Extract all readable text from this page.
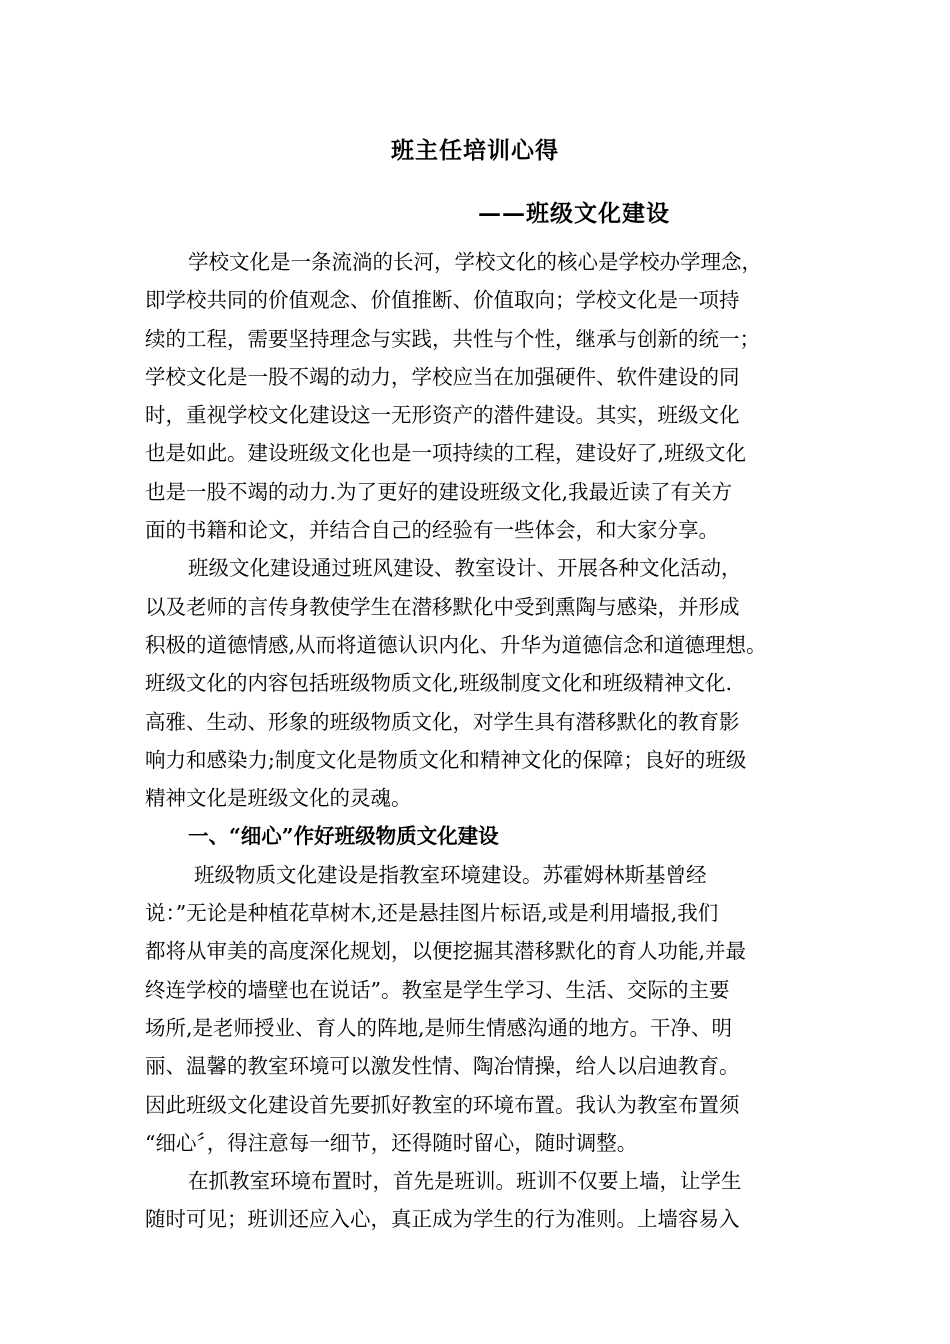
班主任培训心得
——班级文化建设
学校文化是一条流淌的长河，学校文化的核心是学校办学理念，
即学校共同的价值观念、价值推断、价值取向；学校文化是一项持
续的工程，需要坚持理念与实践，共性与个性，继承与创新的统一；
学校文化是一股不竭的动力，学校应当在加强硬件、软件建设的同
时，重视学校文化建设这一无形资产的潜件建设。其实，班级文化
也是如此。建设班级文化也是一项持续的工程，建设好了,班级文化
也是一股不竭的动力.为了更好的建设班级文化,我最近读了有关方
面的书籍和论文，并结合自己的经验有一些体会，和大家分享。
班级文化建设通过班风建设、教室设计、开展各种文化活动，
以及老师的言传身教使学生在潜移默化中受到熏陶与感染，并形成
积极的道德情感,从而将道德认识内化、升华为道德信念和道德理想。
班级文化的内容包括班级物质文化,班级制度文化和班级精神文化.
高雅、生动、形象的班级物质文化，对学生具有潜移默化的教育影
响力和感染力;制度文化是物质文化和精神文化的保障；良好的班级
精神文化是班级文化的灵魂。
一、“细心”作好班级物质文化建设
班级物质文化建设是指教室环境建设。苏霍姆林斯基曾经
说：”无论是种植花草树木,还是悬挂图片标语,或是利用墙报,我们
都将从审美的高度深化规划，以便挖掘其潜移默化的育人功能,并最
终连学校的墙壁也在说话”。教室是学生学习、生活、交际的主要
场所,是老师授业、育人的阵地,是师生情感沟通的地方。干净、明
丽、温馨的教室环境可以激发性情、陶冶情操，给人以启迪教育。
因此班级文化建设首先要抓好教室的环境布置。我认为教室布置须
“细心〞，得注意每一细节，还得随时留心，随时调整。
在抓教室环境布置时，首先是班训。班训不仅要上墙，让学生
随时可见；班训还应入心，真正成为学生的行为准则。上墙容易入
